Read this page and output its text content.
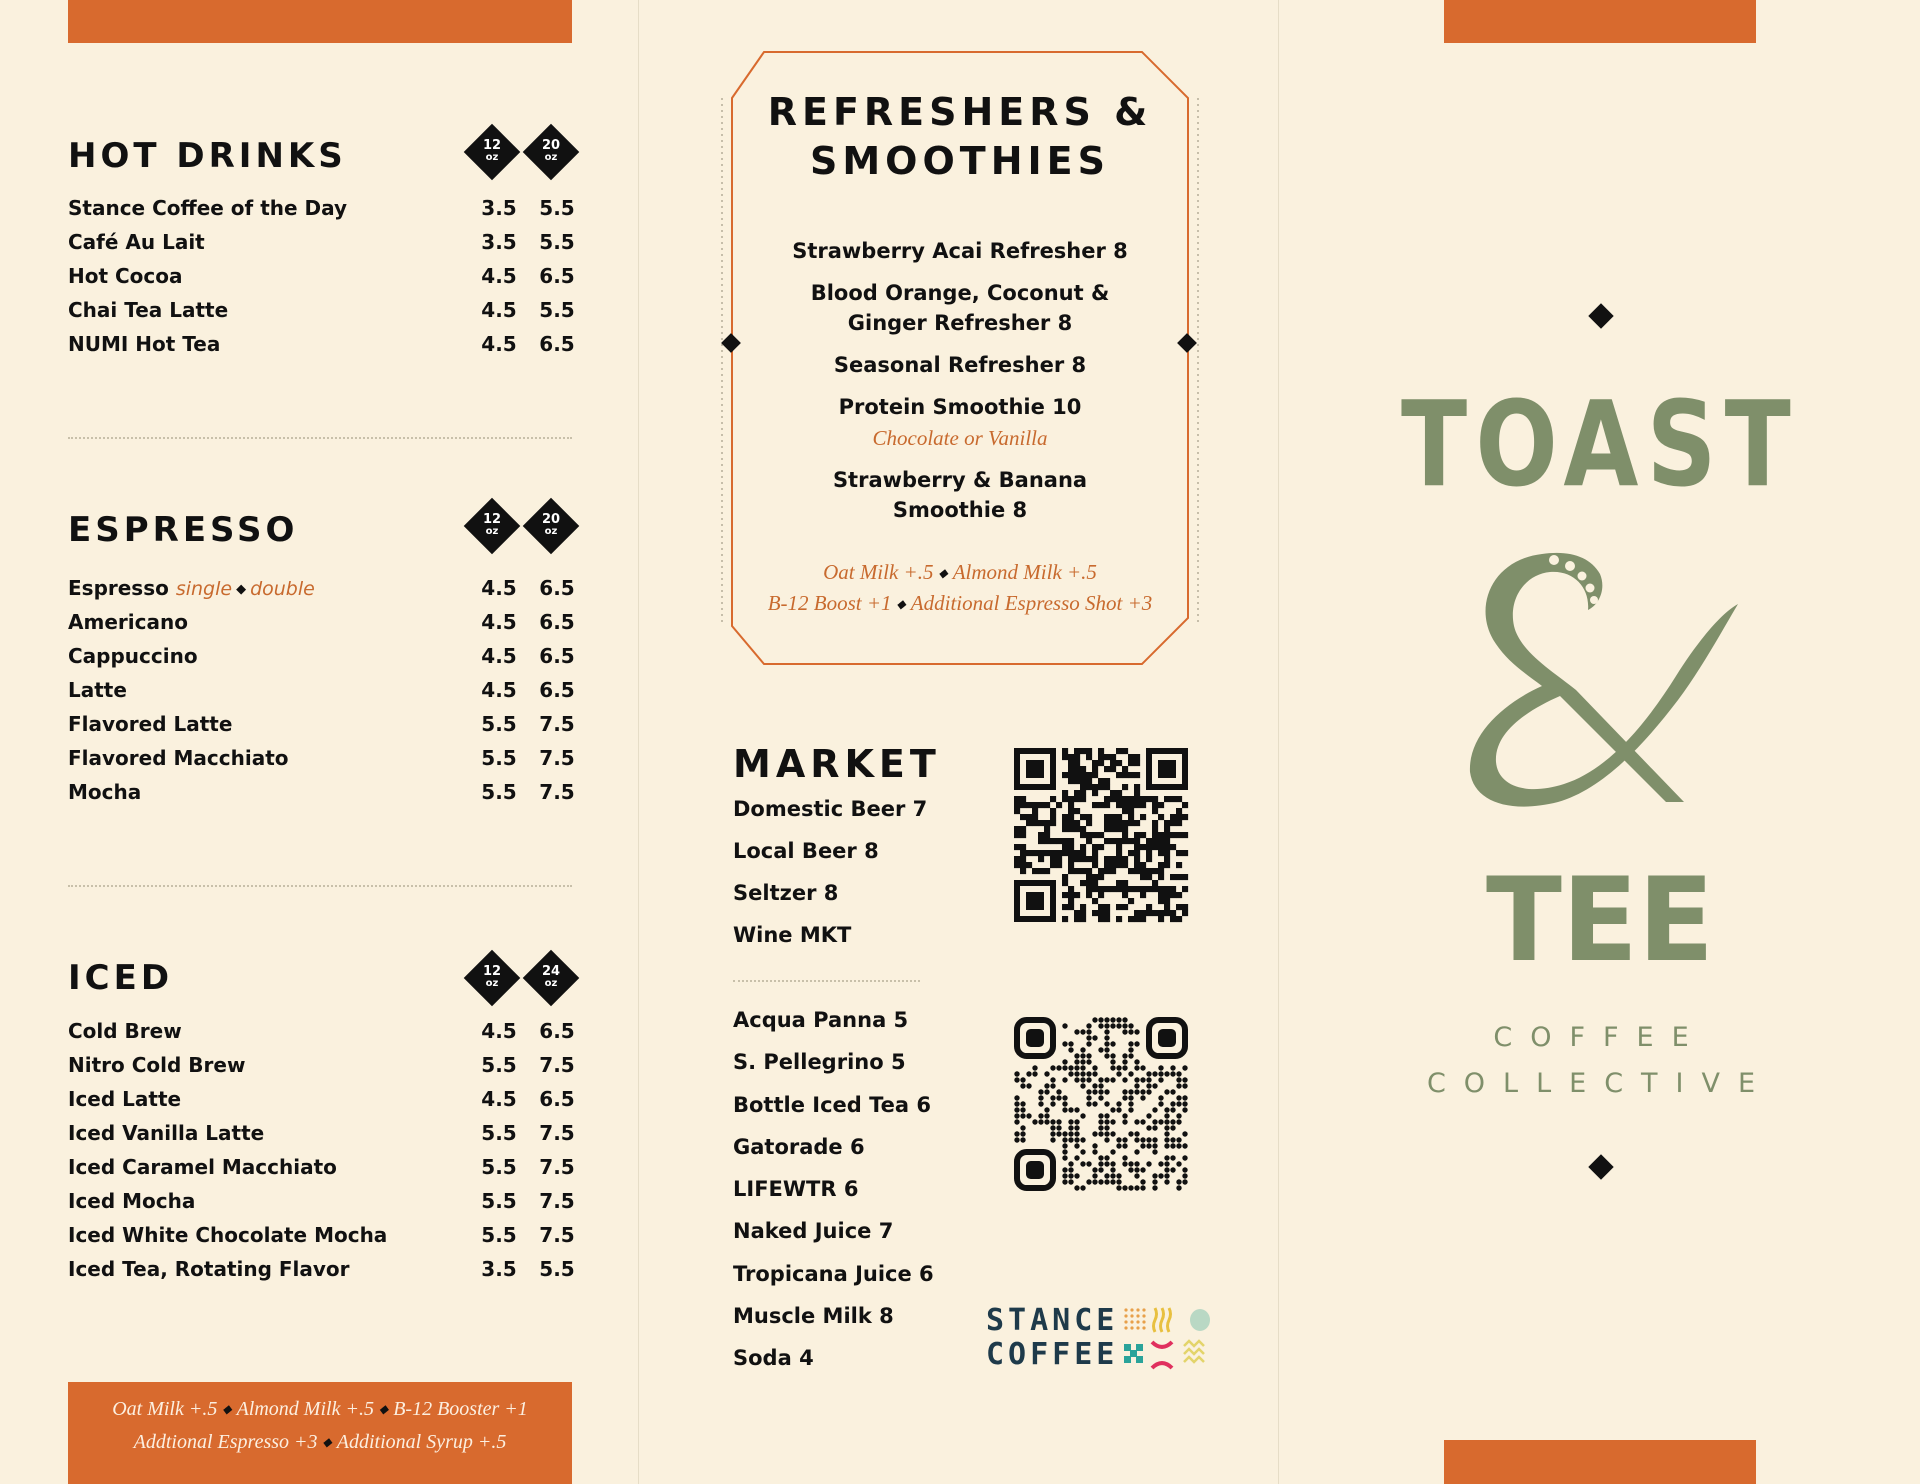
HOT DRINKS	12
oz
20
oz
Stance Coffee of the Day	3.5	5.5
Café Au Lait	3.5	5.5
Hot Cocoa	4.5	6.5
Chai Tea Latte	4.5	5.5
NUMI Hot Tea	4.5	6.5
ESPRESSO	12
oz
20
oz
Espresso single ◆ double	4.5	6.5
Americano	4.5	6.5
Cappuccino	4.5	6.5
Latte	4.5	6.5
Flavored Latte	5.5	7.5
Flavored Macchiato	5.5	7.5
Mocha	5.5	7.5
ICED	12
oz
24
oz
Cold Brew	4.5	6.5
Nitro Cold Brew	5.5	7.5
Iced Latte	4.5	6.5
Iced Vanilla Latte	5.5	7.5
Iced Caramel Macchiato	5.5	7.5
Iced Mocha	5.5	7.5
Iced White Chocolate Mocha	5.5	7.5
Iced Tea, Rotating Flavor	3.5	5.5
Oat Milk +.5 ◆ Almond Milk +.5 ◆ B-12 Booster +1
Addtional Espresso +3 ◆ Additional Syrup +.5
REFRESHERS &
SMOOTHIES
Strawberry Acai Refresher 8
Blood Orange, Coconut &
Ginger Refresher 8
Seasonal Refresher 8
Protein Smoothie 10
Chocolate or Vanilla
Strawberry & Banana
Smoothie 8
Oat Milk +.5 ◆ Almond Milk +.5
B-12 Boost +1 ◆ Additional Espresso Shot +3
MARKET
Domestic Beer 7
Local Beer 8
Seltzer 8
Wine MKT
Acqua Panna 5
S. Pellegrino 5
Bottle Iced Tea 6
Gatorade 6
LIFEWTR 6
Naked Juice 7
Tropicana Juice 6
Muscle Milk 8
Soda 4
STANCE
COFFEE
TOAST
TEE
COFFEE
COLLECTIVE
